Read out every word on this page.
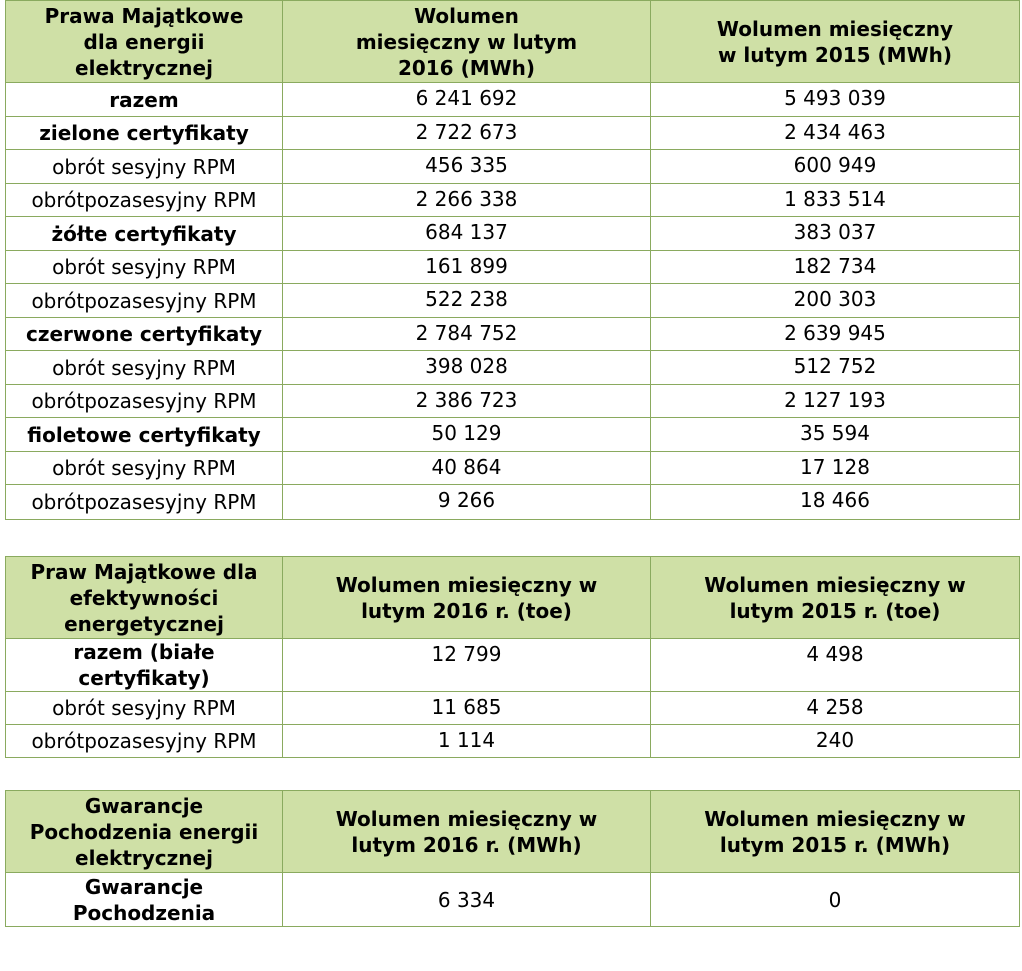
Prawa Majątkowe dla energii elektrycznej	Wolumen miesięczny w lutym 2016 (MWh)	Wolumen miesięczny w lutym 2015 (MWh)
razem	6 241 692	5 493 039
zielone certyfikaty	2 722 673	2 434 463
obrót sesyjny RPM	456 335	600 949
obrótpozasesyjny RPM	2 266 338	1 833 514
żółte certyfikaty	684 137	383 037
obrót sesyjny RPM	161 899	182 734
obrótpozasesyjny RPM	522 238	200 303
czerwone certyfikaty	2 784 752	2 639 945
obrót sesyjny RPM	398 028	512 752
obrótpozasesyjny RPM	2 386 723	2 127 193
fioletowe certyfikaty	50 129	35 594
obrót sesyjny RPM	40 864	17 128
obrótpozasesyjny RPM	9 266	18 466
Praw Majątkowe dla efektywności energetycznej	Wolumen miesięczny w lutym 2016 r. (toe)	Wolumen miesięczny w lutym 2015 r. (toe)
razem (białe certyfikaty)	12 799	4 498
obrót sesyjny RPM	11 685	4 258
obrótpozasesyjny RPM	1 114	240
Gwarancje Pochodzenia energii elektrycznej	Wolumen miesięczny w lutym 2016 r. (MWh)	Wolumen miesięczny w lutym 2015 r. (MWh)
Gwarancje Pochodzenia	6 334	0
